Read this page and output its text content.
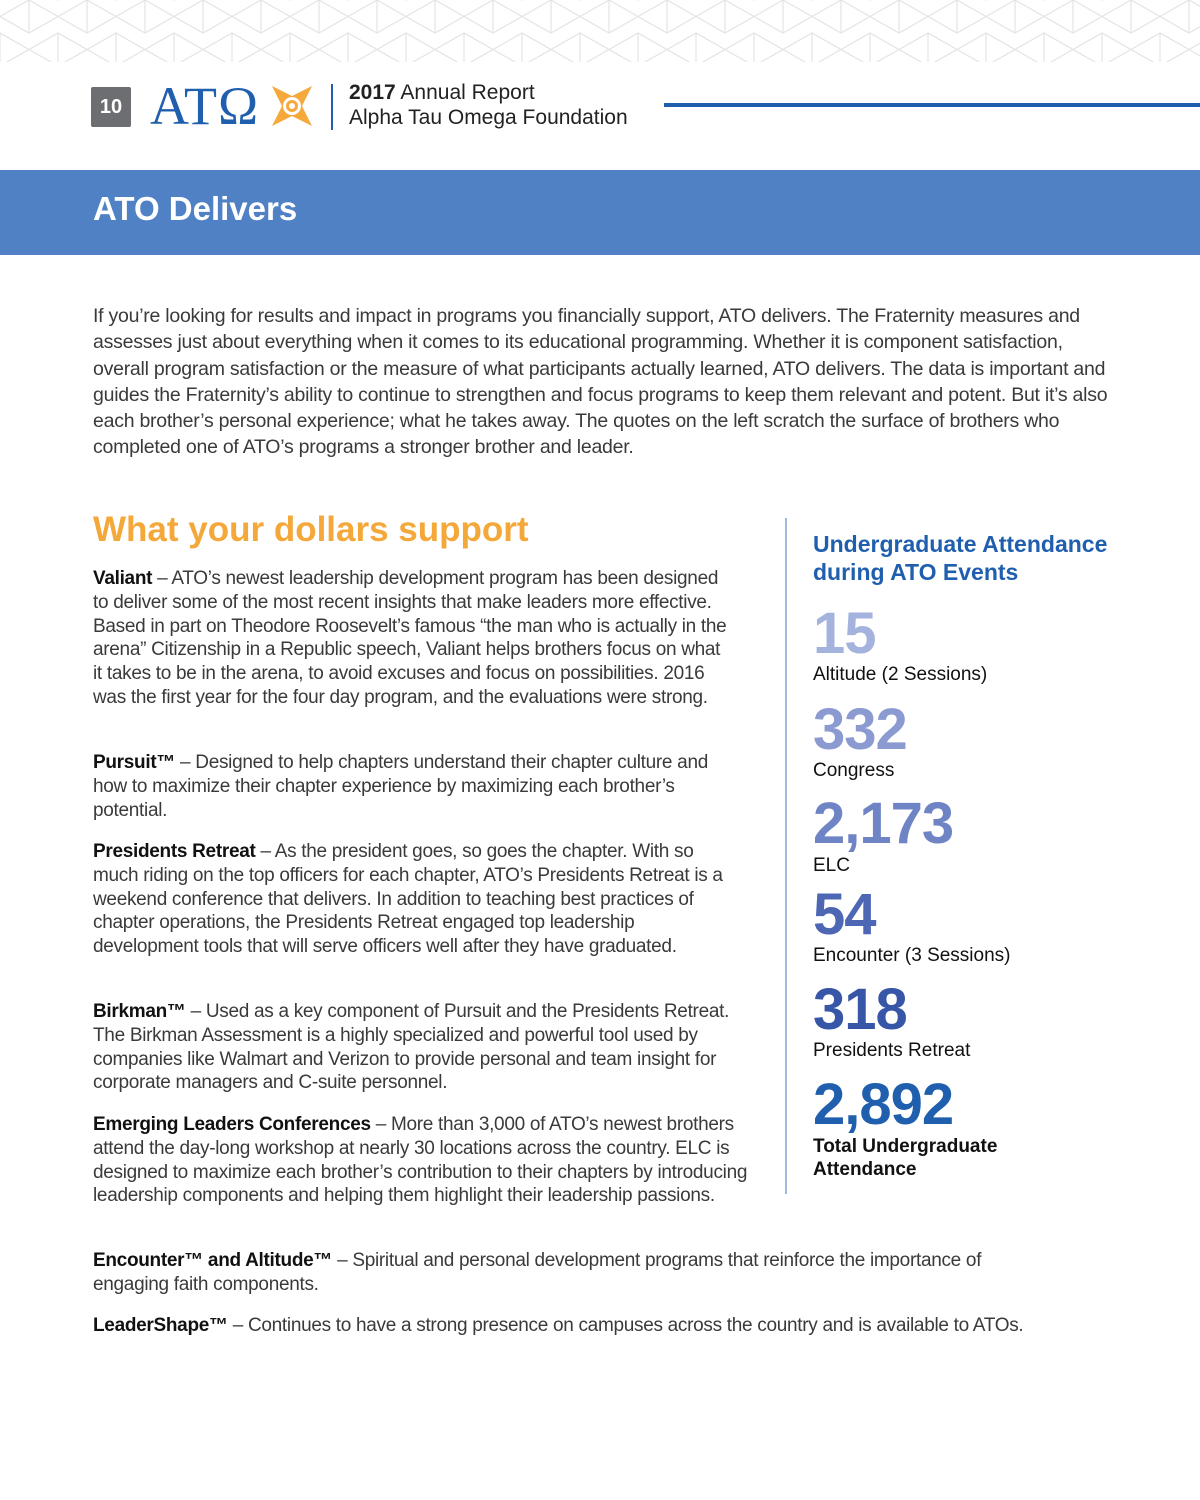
10 ATΩ	2017 Annual Report
Alpha Tau Omega Foundation
ATO Delivers

If you’re looking for results and impact in programs you financially support, ATO delivers. The Fraternity measures and assesses just about everything when it comes to its educational programming. Whether it is component satisfaction, overall program satisfaction or the measure of what participants actually learned, ATO delivers. The data is important and guides the Fraternity’s ability to continue to strengthen and focus programs to keep them relevant and potent. But it’s also each brother’s personal experience; what he takes away. The quotes on the left scratch the surface of brothers who completed one of ATO’s programs a stronger brother and leader.

What your dollars support

Valiant – ATO’s newest leadership development program has been designed to deliver some of the most recent insights that make leaders more effective. Based in part on Theodore Roosevelt’s famous “the man who is actually in the arena” Citizenship in a Republic speech, Valiant helps brothers focus on what it takes to be in the arena, to avoid excuses and focus on possibilities. 2016 was the first year for the four day program, and the evaluations were strong.

Pursuit™ – Designed to help chapters understand their chapter culture and how to maximize their chapter experience by maximizing each brother’s potential.

Presidents Retreat – As the president goes, so goes the chapter. With so much riding on the top officers for each chapter, ATO’s Presidents Retreat is a weekend conference that delivers. In addition to teaching best practices of chapter operations, the Presidents Retreat engaged top leadership development tools that will serve officers well after they have graduated.

Birkman™ – Used as a key component of Pursuit and the Presidents Retreat. The Birkman Assessment is a highly specialized and powerful tool used by companies like Walmart and Verizon to provide personal and team insight for corporate managers and C-suite personnel.

Emerging Leaders Conferences – More than 3,000 of ATO’s newest brothers attend the day-long workshop at nearly 30 locations across the country. ELC is designed to maximize each brother’s contribution to their chapters by introducing leadership components and helping them highlight their leadership passions.

Encounter™ and Altitude™ – Spiritual and personal development programs that reinforce the importance of engaging faith components.

LeaderShape™ – Continues to have a strong presence on campuses across the country and is available to ATOs.

Undergraduate Attendance during ATO Events
15
Altitude (2 Sessions)
332
Congress
2,173
ELC
54
Encounter (3 Sessions)
318
Presidents Retreat
2,892
Total Undergraduate Attendance
